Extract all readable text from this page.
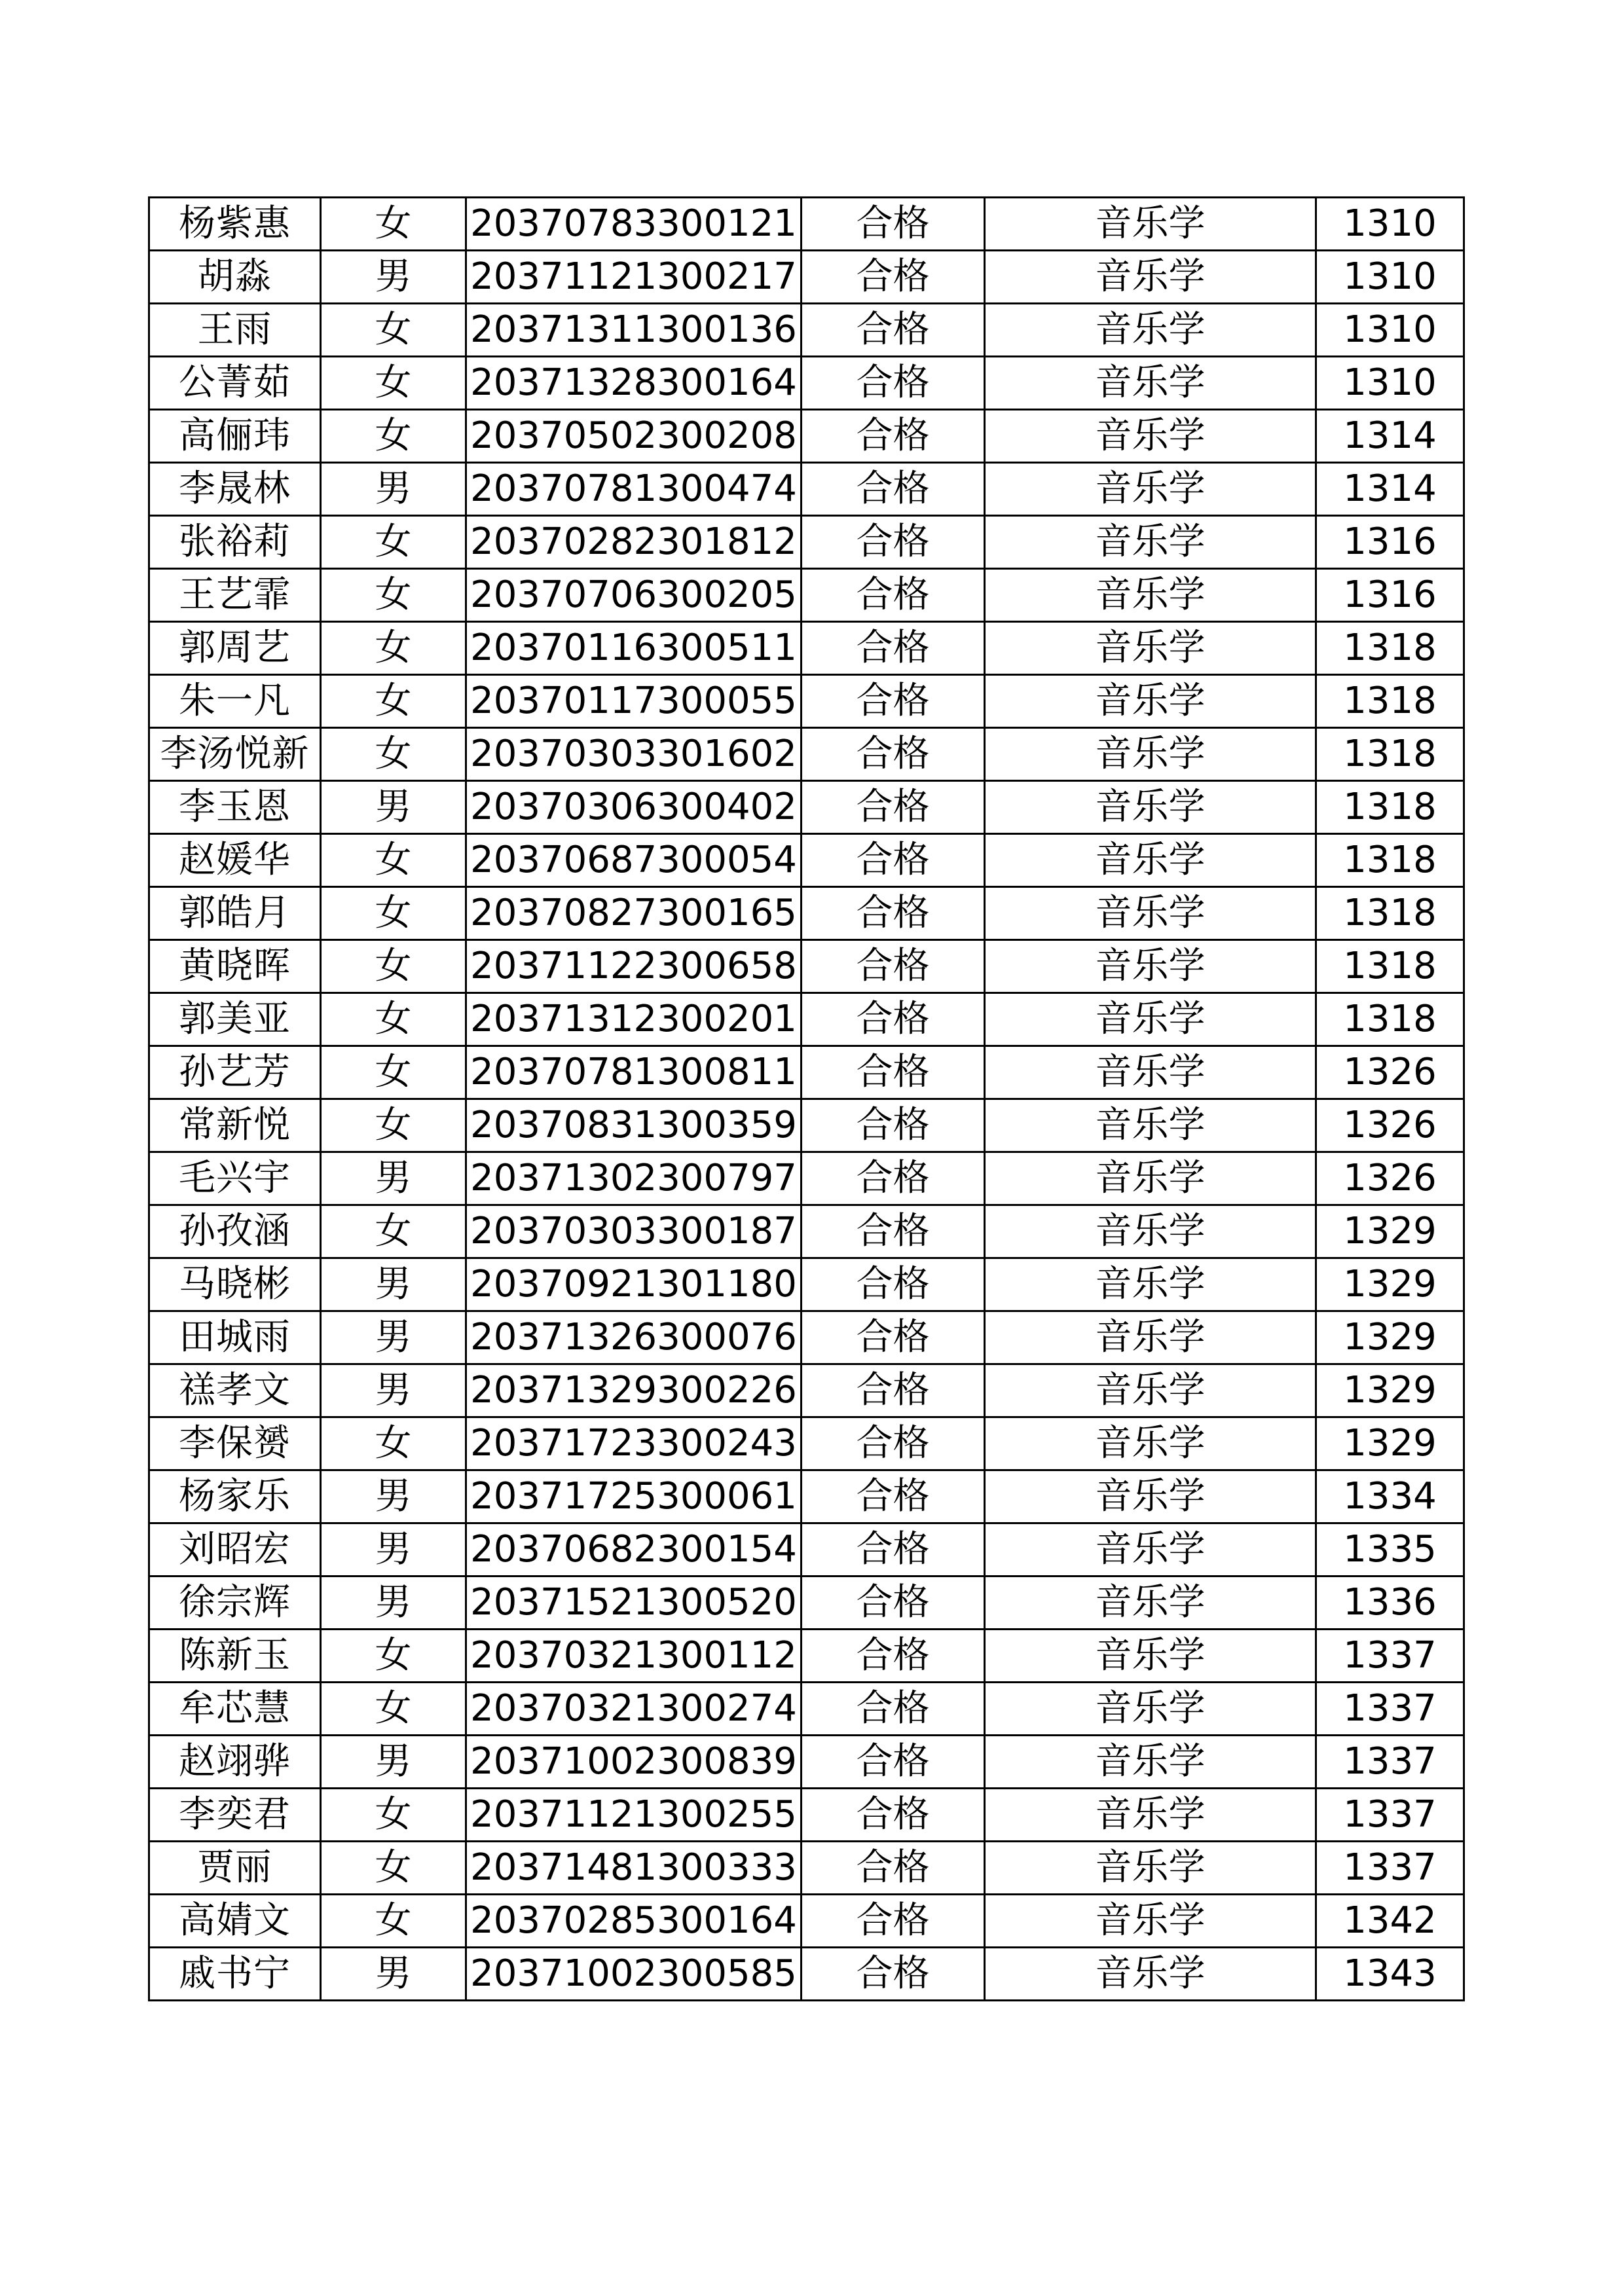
杨紫惠	女	20370783300121	合格	音乐学	1310
胡淼	男	20371121300217	合格	音乐学	1310
王雨	女	20371311300136	合格	音乐学	1310
公菁茹	女	20371328300164	合格	音乐学	1310
高俪玮	女	20370502300208	合格	音乐学	1314
李晟林	男	20370781300474	合格	音乐学	1314
张裕莉	女	20370282301812	合格	音乐学	1316
王艺霏	女	20370706300205	合格	音乐学	1316
郭周艺	女	20370116300511	合格	音乐学	1318
朱一凡	女	20370117300055	合格	音乐学	1318
李汤悦新	女	20370303301602	合格	音乐学	1318
李玉恩	男	20370306300402	合格	音乐学	1318
赵媛华	女	20370687300054	合格	音乐学	1318
郭皓月	女	20370827300165	合格	音乐学	1318
黄晓晖	女	20371122300658	合格	音乐学	1318
郭美亚	女	20371312300201	合格	音乐学	1318
孙艺芳	女	20370781300811	合格	音乐学	1326
常新悦	女	20370831300359	合格	音乐学	1326
毛兴宇	男	20371302300797	合格	音乐学	1326
孙孜涵	女	20370303300187	合格	音乐学	1329
马晓彬	男	20370921301180	合格	音乐学	1329
田城雨	男	20371326300076	合格	音乐学	1329
禚孝文	男	20371329300226	合格	音乐学	1329
李保赟	女	20371723300243	合格	音乐学	1329
杨家乐	男	20371725300061	合格	音乐学	1334
刘昭宏	男	20370682300154	合格	音乐学	1335
徐宗辉	男	20371521300520	合格	音乐学	1336
陈新玉	女	20370321300112	合格	音乐学	1337
牟芯慧	女	20370321300274	合格	音乐学	1337
赵翊骅	男	20371002300839	合格	音乐学	1337
李奕君	女	20371121300255	合格	音乐学	1337
贾丽	女	20371481300333	合格	音乐学	1337
高婧文	女	20370285300164	合格	音乐学	1342
戚书宁	男	20371002300585	合格	音乐学	1343
